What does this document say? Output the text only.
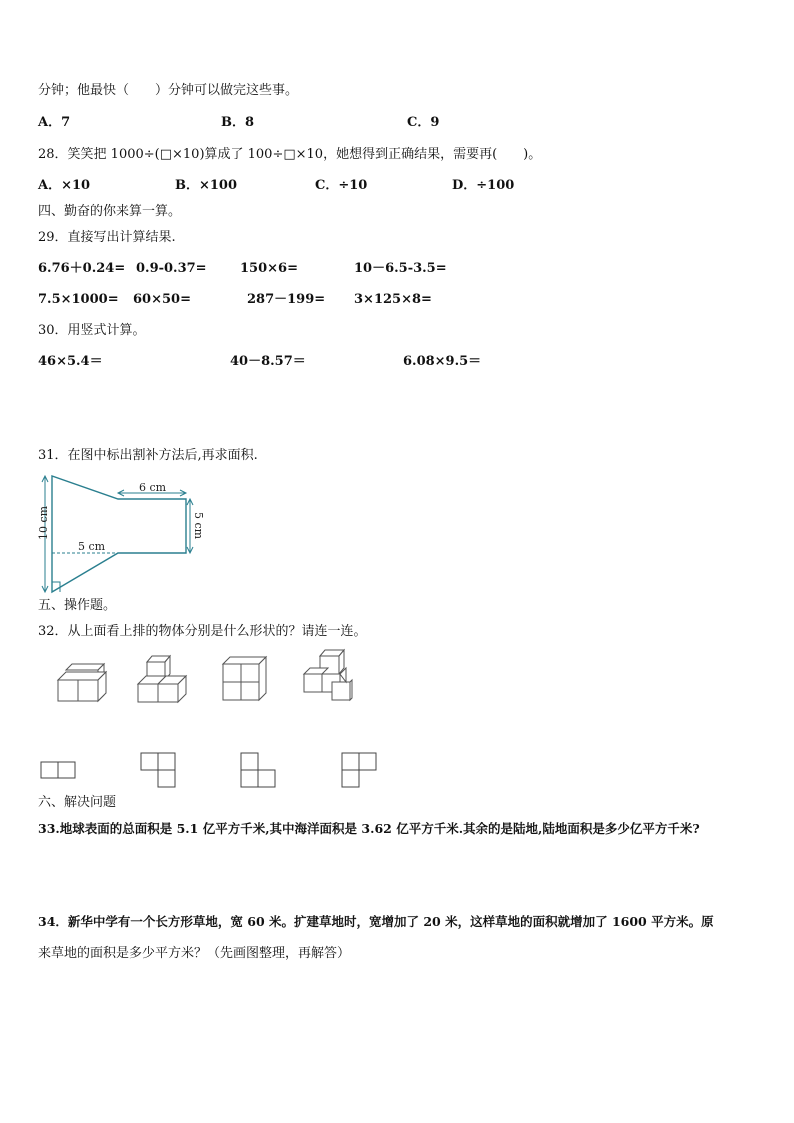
分钟；他最快（　　）分钟可以做完这些事。
A．7	B．8	C．9
28．笑笑把 1000÷(□×10)算成了 100÷□×10，她想得到正确结果，需要再(　　)。
A．×10	B．×100	C．÷10	D．÷100
四、勤奋的你来算一算。
29．直接写出计算结果.
6.76＋0.24= 0.9-0.37=	150×6=	10－6.5-3.5=
7.5×1000= 60×50=	287－199= 3×125×8=
30．用竖式计算。
46×5.4＝	40－8.57＝	6.08×9.5＝
31．在图中标出割补方法后,再求面积.
6 cm
5 cm
10 cm	5 cm
五、操作题。
32．从上面看上排的物体分别是什么形状的？请连一连。
六、解决问题
33.地球表面的总面积是 5.1 亿平方千米,其中海洋面积是 3.62 亿平方千米.其余的是陆地,陆地面积是多少亿平方千米?
34．新华中学有一个长方形草地，宽 60 米。扩建草地时，宽增加了 20 米，这样草地的面积就增加了 1600 平方米。原
来草地的面积是多少平方米？（先画图整理，再解答）
